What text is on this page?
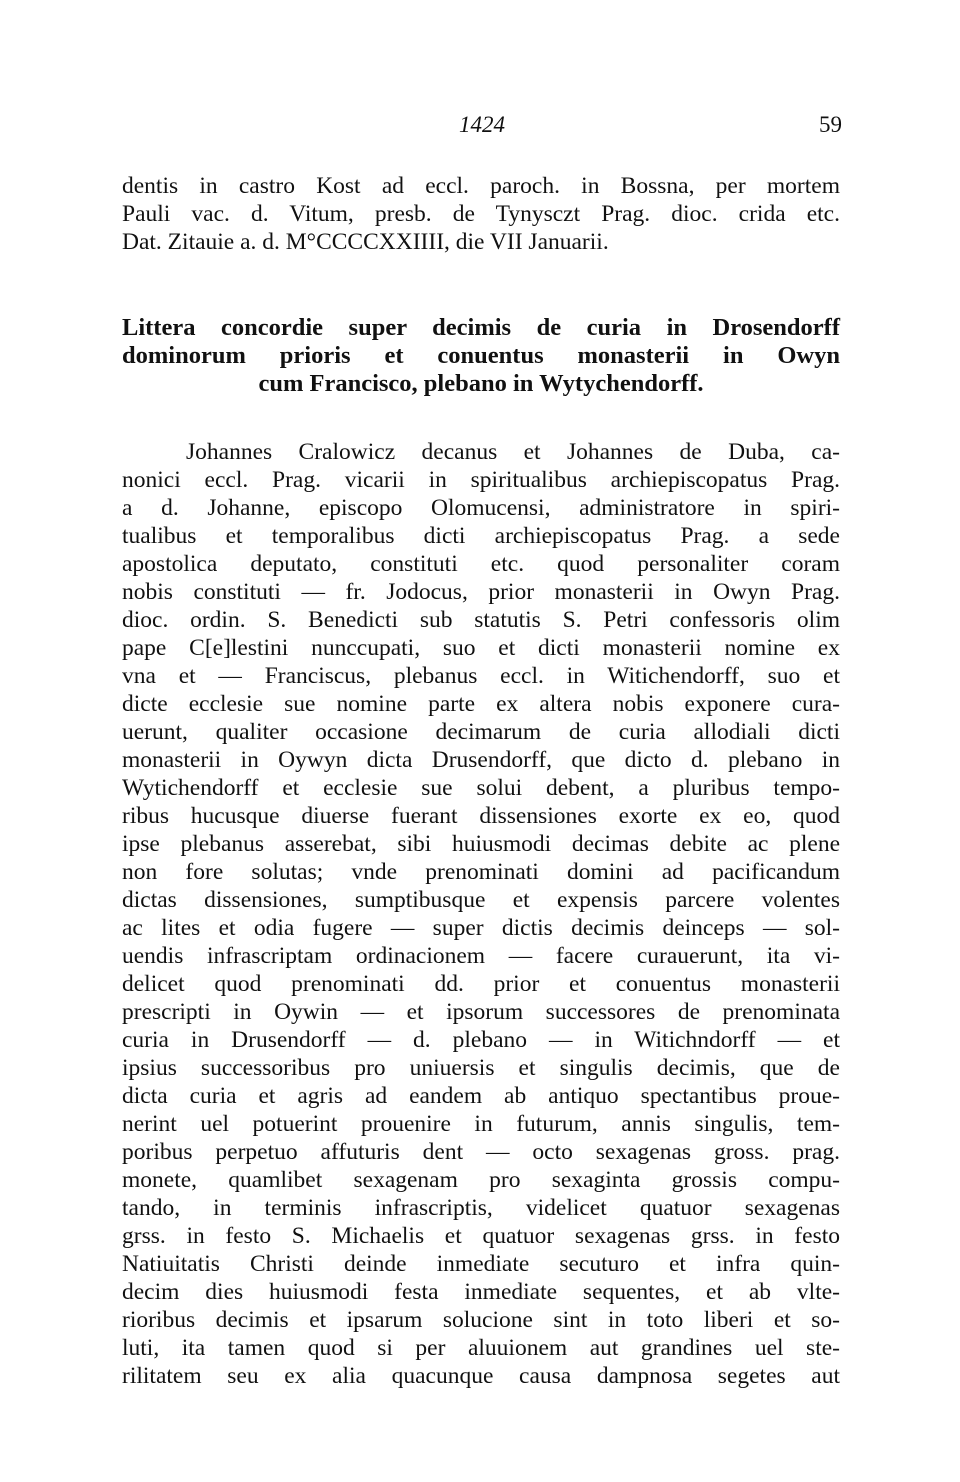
1424	59
dentis in castro Kost ad eccl. paroch. in Bossna, per mortem
Pauli vac. d. Vitum, presb. de Tynysczt Prag. dioc. crida etc.
Dat. Zitauie a. d. M°CCCCXXIIII, die VII Januarii.
Littera concordie super decimis de curia in Drosendorff
dominorum prioris et conuentus monasterii in Owyn
cum Francisco, plebano in Wytychendorff.
Johannes Cralowicz decanus et Johannes de Duba, ca-
nonici eccl. Prag. vicarii in spiritualibus archiepiscopatus Prag.
a d. Johanne, episcopo Olomucensi, administratore in spiri-
tualibus et temporalibus dicti archiepiscopatus Prag. a sede
apostolica deputato, constituti etc. quod personaliter coram
nobis constituti — fr. Jodocus, prior monasterii in Owyn Prag.
dioc. ordin. S. Benedicti sub statutis S. Petri confessoris olim
pape C[e]lestini nunccupati, suo et dicti monasterii nomine ex
vna et — Franciscus, plebanus eccl. in Witichendorff, suo et
dicte ecclesie sue nomine parte ex altera nobis exponere cura-
uerunt, qualiter occasione decimarum de curia allodiali dicti
monasterii in Oywyn dicta Drusendorff, que dicto d. plebano in
Wytichendorff et ecclesie sue solui debent, a pluribus tempo-
ribus hucusque diuerse fuerant dissensiones exorte ex eo, quod
ipse plebanus asserebat, sibi huiusmodi decimas debite ac plene
non fore solutas; vnde prenominati domini ad pacificandum
dictas dissensiones, sumptibusque et expensis parcere volentes
ac lites et odia fugere — super dictis decimis deinceps — sol-
uendis infrascriptam ordinacionem — facere curauerunt, ita vi-
delicet quod prenominati dd. prior et conuentus monasterii
prescripti in Oywin — et ipsorum successores de prenominata
curia in Drusendorff — d. plebano — in Witichndorff — et
ipsius successoribus pro uniuersis et singulis decimis, que de
dicta curia et agris ad eandem ab antiquo spectantibus proue-
nerint uel potuerint prouenire in futurum, annis singulis, tem-
poribus perpetuo affuturis dent — octo sexagenas gross. prag.
monete, quamlibet sexagenam pro sexaginta grossis compu-
tando, in terminis infrascriptis, videlicet quatuor sexagenas
grss. in festo S. Michaelis et quatuor sexagenas grss. in festo
Natiuitatis Christi deinde inmediate secuturo et infra quin-
decim dies huiusmodi festa inmediate sequentes, et ab vlte-
rioribus decimis et ipsarum solucione sint in toto liberi et so-
luti, ita tamen quod si per aluuionem aut grandines uel ste-
rilitatem seu ex alia quacunque causa dampnosa segetes aut
